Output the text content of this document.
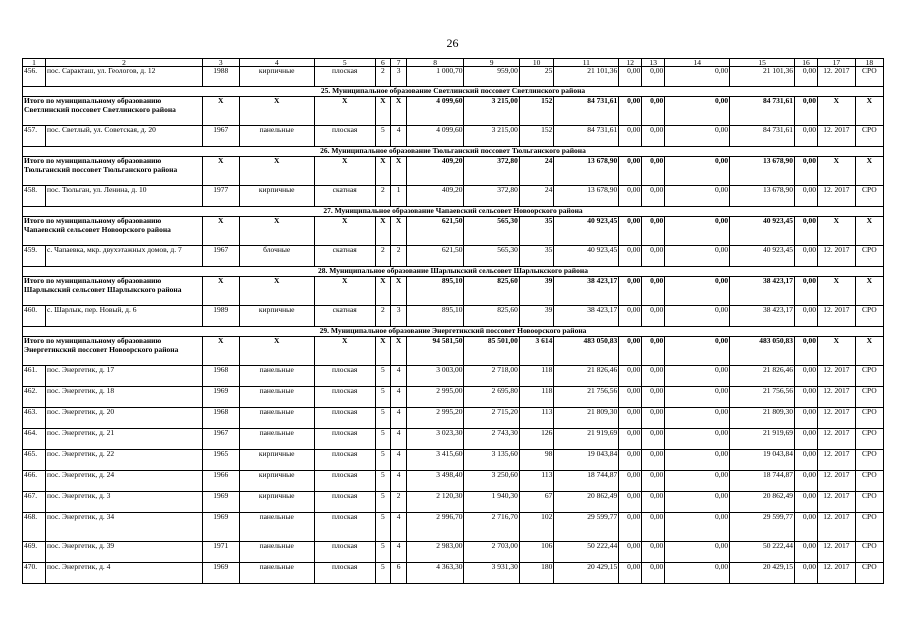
26
1	2	3	4	5	6	7	8	9	10	11	12	13	14	15	16	17	18
456.	пос. Саракташ, ул. Геологов, д. 12	1988	кирпичные	плоская	2	3	1 000,70	959,00	25	21 101,36	0,00	0,00	0,00	21 101,36	0,00	12. 2017	СРО
25. Муниципальное образование Светлинский поссовет Светлинского района																	
Итого по муниципальному образованию Светлинский поссовет Светлинского района		X	X	X	X	X	4 099,60	3 215,00	152	84 731,61	0,00	0,00	0,00	84 731,61	0,00	X	X
457.	пос. Светлый, ул. Советская, д. 20	1967	панельные	плоская	5	4	4 099,60	3 215,00	152	84 731,61	0,00	0,00	0,00	84 731,61	0,00	12. 2017	СРО
26. Муниципальное образование Тюльганский поссовет Тюльганского района																	
Итого по муниципальному образованию Тюльганский поссовет Тюльганского района		X	X	X	X	X	409,20	372,80	24	13 678,90	0,00	0,00	0,00	13 678,90	0,00	X	X
458.	пос. Тюльган, ул. Ленина, д. 10	1977	кирпичные	скатная	2	1	409,20	372,80	24	13 678,90	0,00	0,00	0,00	13 678,90	0,00	12. 2017	СРО
27. Муниципальное образование Чапаевский сельсовет Новоорского района																	
Итого по муниципальному образованию Чапаевский сельсовет Новоорского района		X	X	X	X	X	621,50	565,30	35	40 923,45	0,00	0,00	0,00	40 923,45	0,00	X	X
459.	с. Чапаевка, мкр. двухэтажных домов, д. 7	1967	блочные	скатная	2	2	621,50	565,30	35	40 923,45	0,00	0,00	0,00	40 923,45	0,00	12. 2017	СРО
28. Муниципальное образование Шарлыкский сельсовет Шарлыкского района																	
Итого по муниципальному образованию Шарлыкский сельсовет Шарлыкского района		X	X	X	X	X	895,10	825,60	39	38 423,17	0,00	0,00	0,00	38 423,17	0,00	X	X
460.	с. Шарлык, пер. Новый, д. 6	1989	кирпичные	скатная	2	3	895,10	825,60	39	38 423,17	0,00	0,00	0,00	38 423,17	0,00	12. 2017	СРО
29. Муниципальное образование Энергетикский поссовет Новоорского района																	
Итого по муниципальному образованию Энергетикский поссовет Новоорского района		X	X	X	X	X	94 581,50	85 501,00	3 614	483 050,83	0,00	0,00	0,00	483 050,83	0,00	X	X
461.	пос. Энергетик, д. 17	1968	панельные	плоская	5	4	3 003,00	2 718,00	118	21 826,46	0,00	0,00	0,00	21 826,46	0,00	12. 2017	СРО
462.	пос. Энергетик, д. 18	1969	панельные	плоская	5	4	2 995,00	2 695,80	118	21 756,56	0,00	0,00	0,00	21 756,56	0,00	12. 2017	СРО
463.	пос. Энергетик, д. 20	1968	панельные	плоская	5	4	2 995,20	2 715,20	113	21 809,30	0,00	0,00	0,00	21 809,30	0,00	12. 2017	СРО
464.	пос. Энергетик, д. 21	1967	панельные	плоская	5	4	3 023,30	2 743,30	126	21 919,69	0,00	0,00	0,00	21 919,69	0,00	12. 2017	СРО
465.	пос. Энергетик, д. 22	1965	кирпичные	плоская	5	4	3 415,60	3 135,60	98	19 043,84	0,00	0,00	0,00	19 043,84	0,00	12. 2017	СРО
466.	пос. Энергетик, д. 24	1966	кирпичные	плоская	5	4	3 498,40	3 250,60	113	18 744,87	0,00	0,00	0,00	18 744,87	0,00	12. 2017	СРО
467.	пос. Энергетик, д. 3	1969	кирпичные	плоская	5	2	2 120,30	1 940,30	67	20 862,49	0,00	0,00	0,00	20 862,49	0,00	12. 2017	СРО
468.	пос. Энергетик, д. 34	1969	панельные	плоская	5	4	2 996,70	2 716,70	102	29 599,77	0,00	0,00	0,00	29 599,77	0,00	12. 2017	СРО
469.	пос. Энергетик, д. 39	1971	панельные	плоская	5	4	2 983,00	2 703,00	106	50 222,44	0,00	0,00	0,00	50 222,44	0,00	12. 2017	СРО
470.	пос. Энергетик, д. 4	1969	панельные	плоская	5	6	4 363,30	3 931,30	180	20 429,15	0,00	0,00	0,00	20 429,15	0,00	12. 2017	СРО
